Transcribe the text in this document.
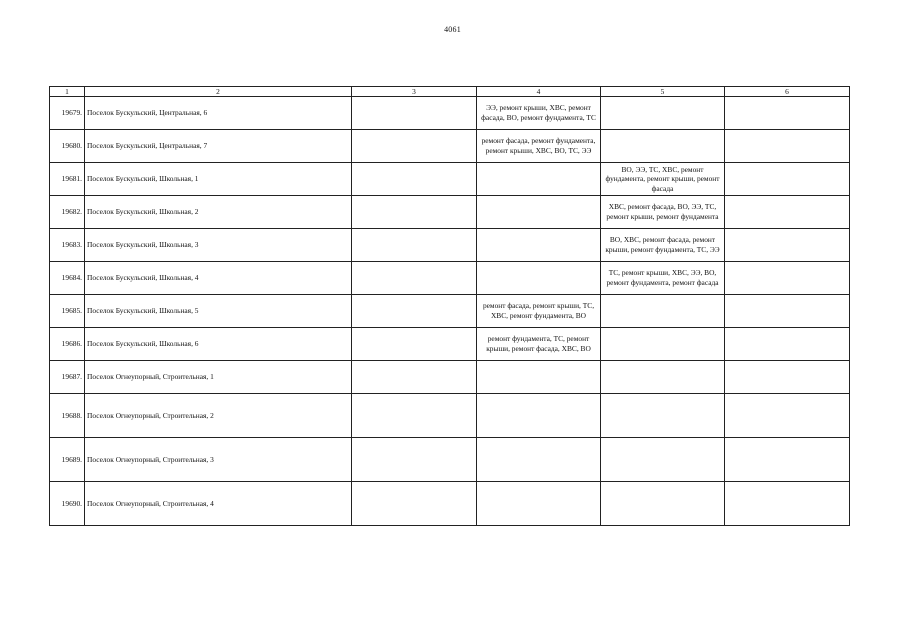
4061
1	2	3	4	5	6
19679.	Поселок Бускульский, Центральная, 6		ЭЭ, ремонт крыши, ХВС, ремонт фасада, ВО, ремонт фундамента, ТС		
19680.	Поселок Бускульский, Центральная, 7		ремонт фасада, ремонт фундамента, ремонт крыши, ХВС, ВО, ТС, ЭЭ		
19681.	Поселок Бускульский, Школьная, 1			ВО, ЭЭ, ТС, ХВС, ремонт фундамента, ремонт крыши, ремонт фасада	
19682.	Поселок Бускульский, Школьная, 2			ХВС, ремонт фасада, ВО, ЭЭ, ТС, ремонт крыши, ремонт фундамента	
19683.	Поселок Бускульский, Школьная, 3			ВО, ХВС, ремонт фасада, ремонт крыши, ремонт фундамента, ТС, ЭЭ	
19684.	Поселок Бускульский, Школьная, 4			ТС, ремонт крыши, ХВС, ЭЭ, ВО, ремонт фундамента, ремонт фасада	
19685.	Поселок Бускульский, Школьная, 5		ремонт фасада, ремонт крыши, ТС, ХВС, ремонт фундамента, ВО		
19686.	Поселок Бускульский, Школьная, 6		ремонт фундамента, ТС, ремонт крыши, ремонт фасада, ХВС, ВО		
19687.	Поселок Огнеупорный, Строительная, 1				
19688.	Поселок Огнеупорный, Строительная, 2				
19689.	Поселок Огнеупорный, Строительная, 3				
19690.	Поселок Огнеупорный, Строительная, 4				
